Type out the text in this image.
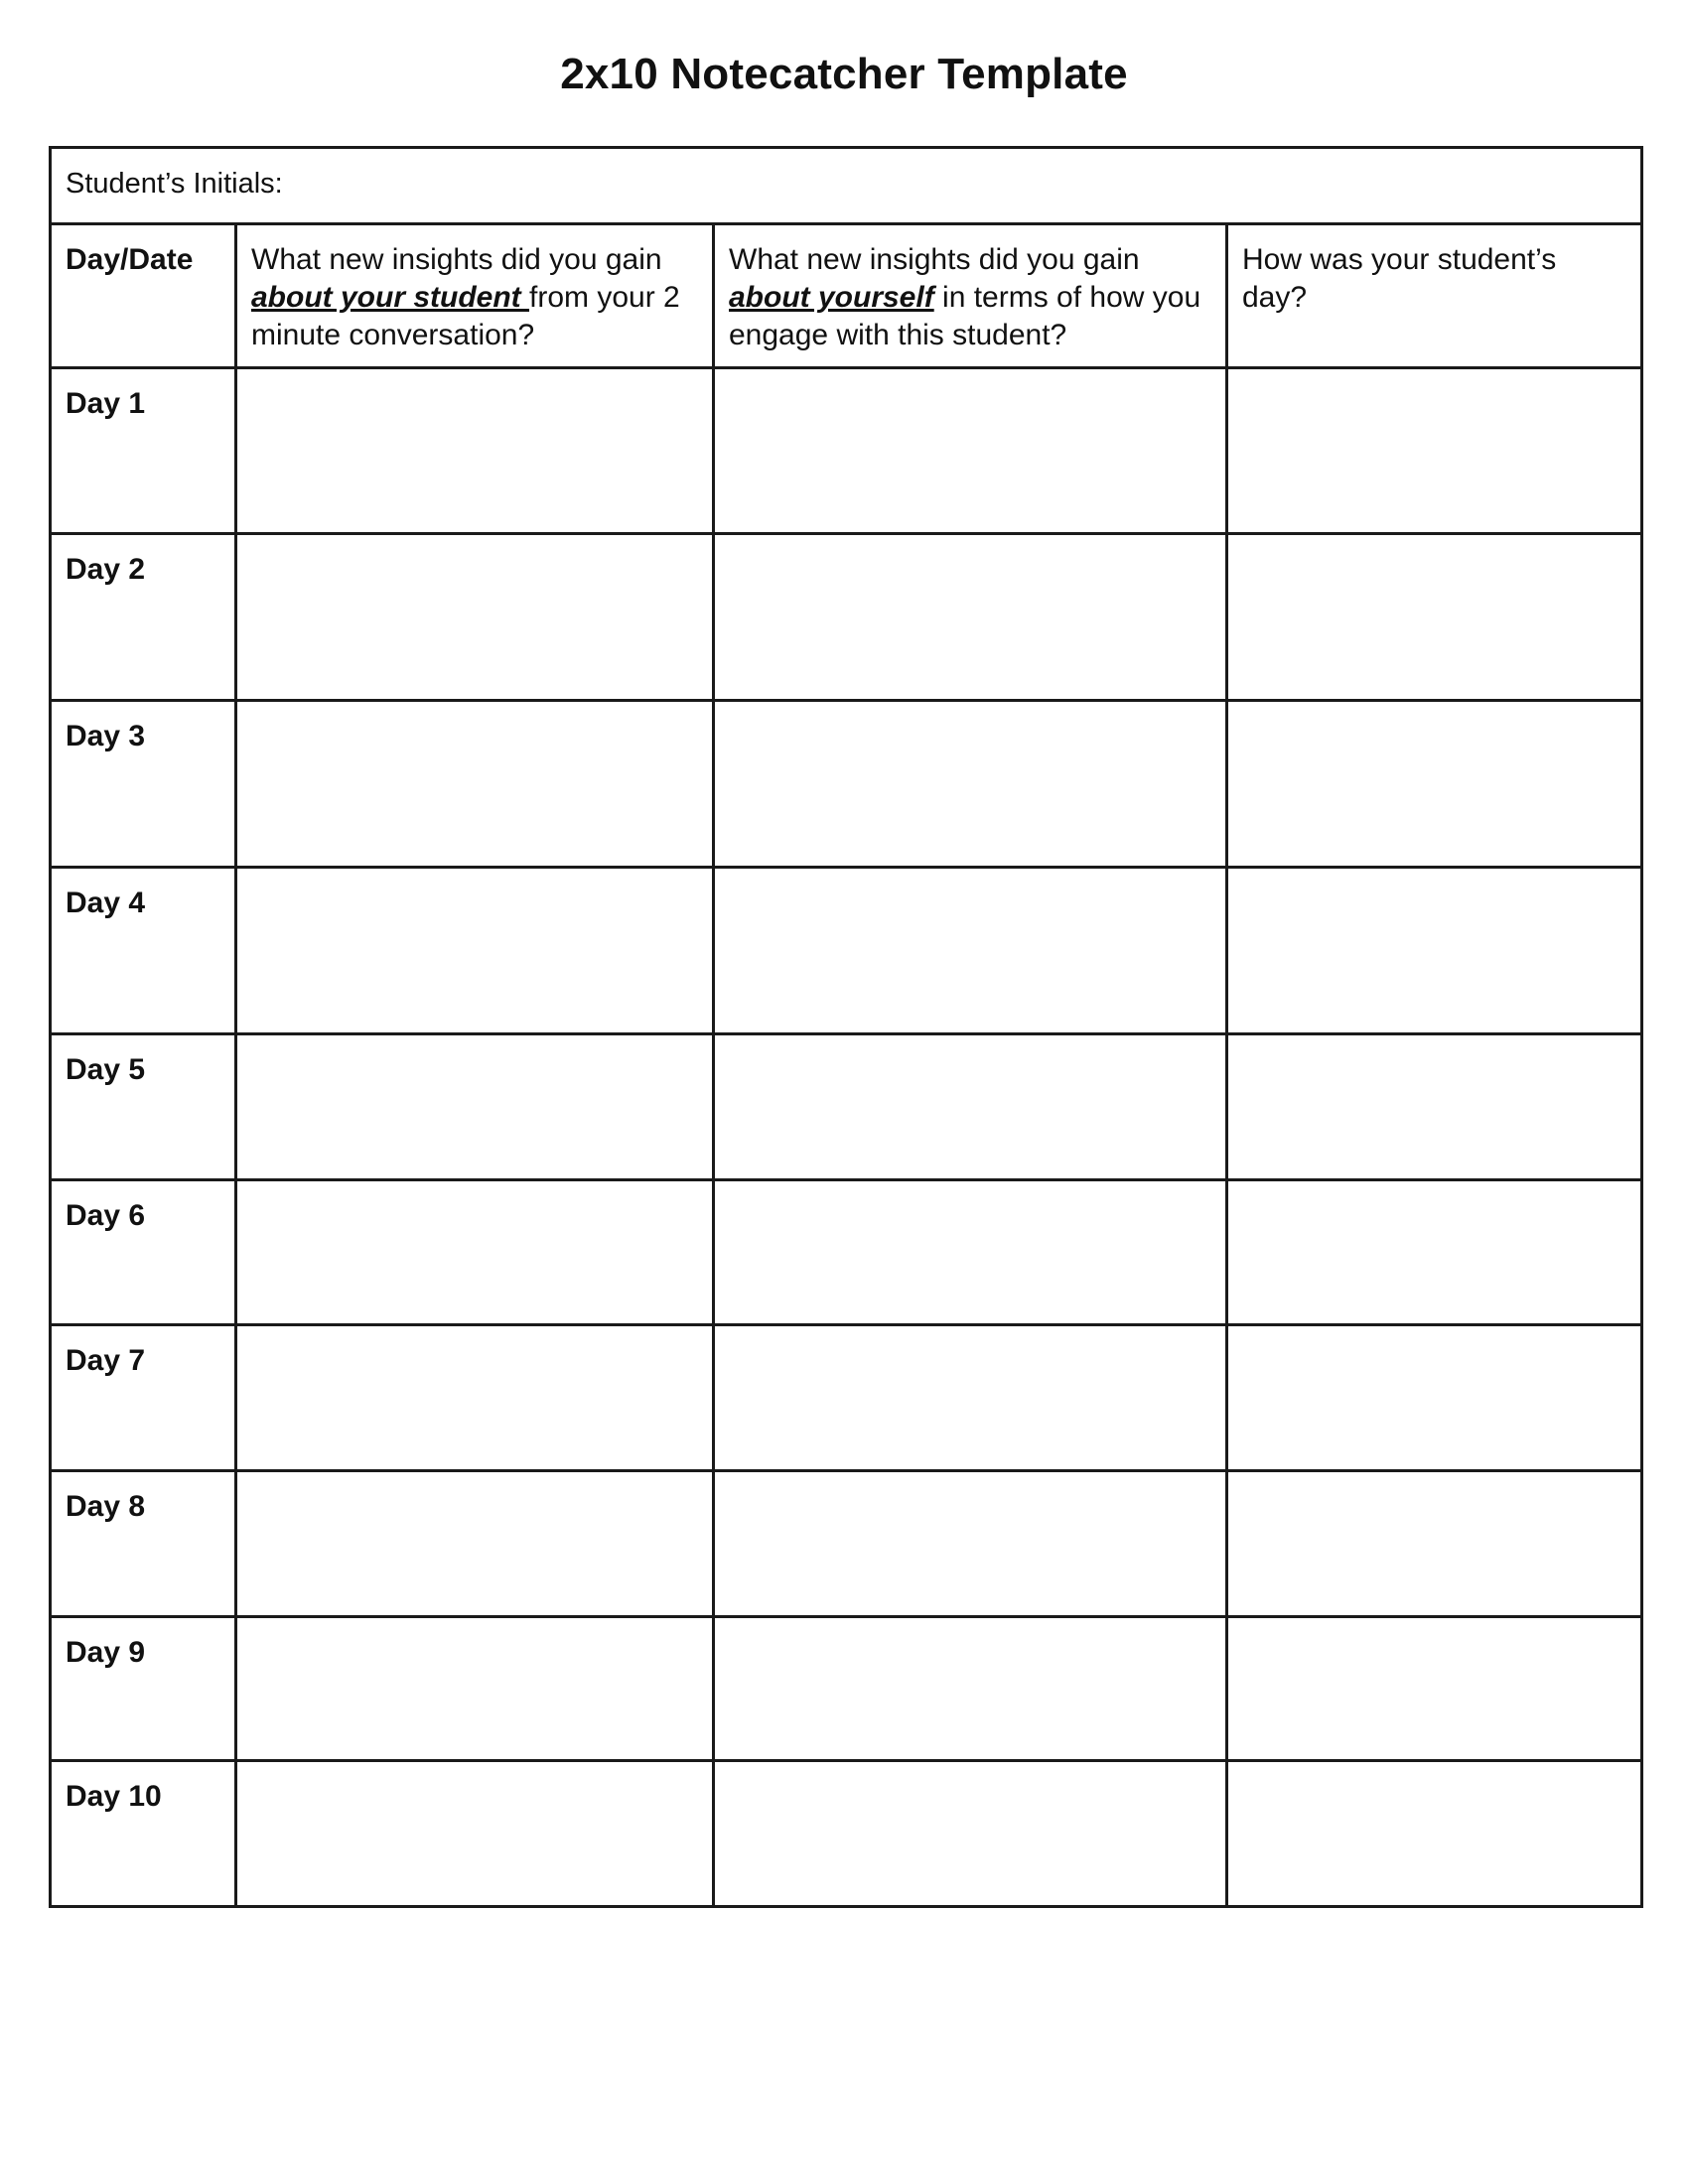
2x10 Notecatcher Template
Student’s Initials:			
Day/Date	What new insights did you gain about your student from your 2 minute conversation?	What new insights did you gain about yourself in terms of how you engage with this student?	How was your student’s day?
Day 1			
Day 2			
Day 3			
Day 4			
Day 5			
Day 6			
Day 7			
Day 8			
Day 9			
Day 10			
